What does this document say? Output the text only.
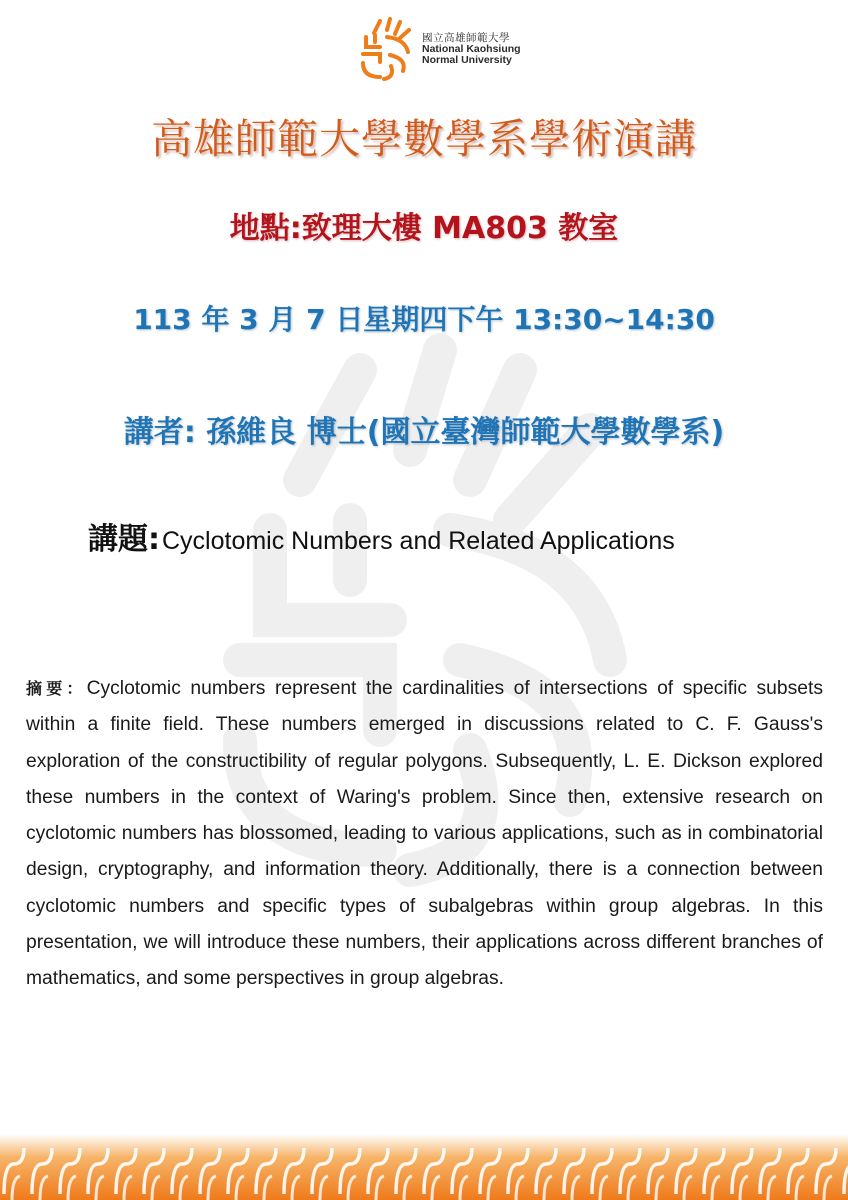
國立高雄師範大學
National Kaohsiung
Normal University
高雄師範大學數學系學術演講
地點:致理大樓 MA803 教室
113 年 3 月 7 日星期四下午 13:30~14:30
講者: 孫維良 博士(國立臺灣師範大學數學系)
講題:Cyclotomic Numbers and Related Applications
摘要：Cyclotomic numbers represent the cardinalities of intersections of specific subsets within a finite field. These numbers emerged in discussions related to C. F. Gauss's exploration of the constructibility of regular polygons. Subsequently, L. E. Dickson explored these numbers in the context of Waring's problem. Since then, extensive research on cyclotomic numbers has blossomed, leading to various applications, such as in combinatorial design, cryptography, and information theory. Additionally, there is a connection between cyclotomic numbers and specific types of subalgebras within group algebras. In this presentation, we will introduce these numbers, their applications across different branches of mathematics, and some perspectives in group algebras.
